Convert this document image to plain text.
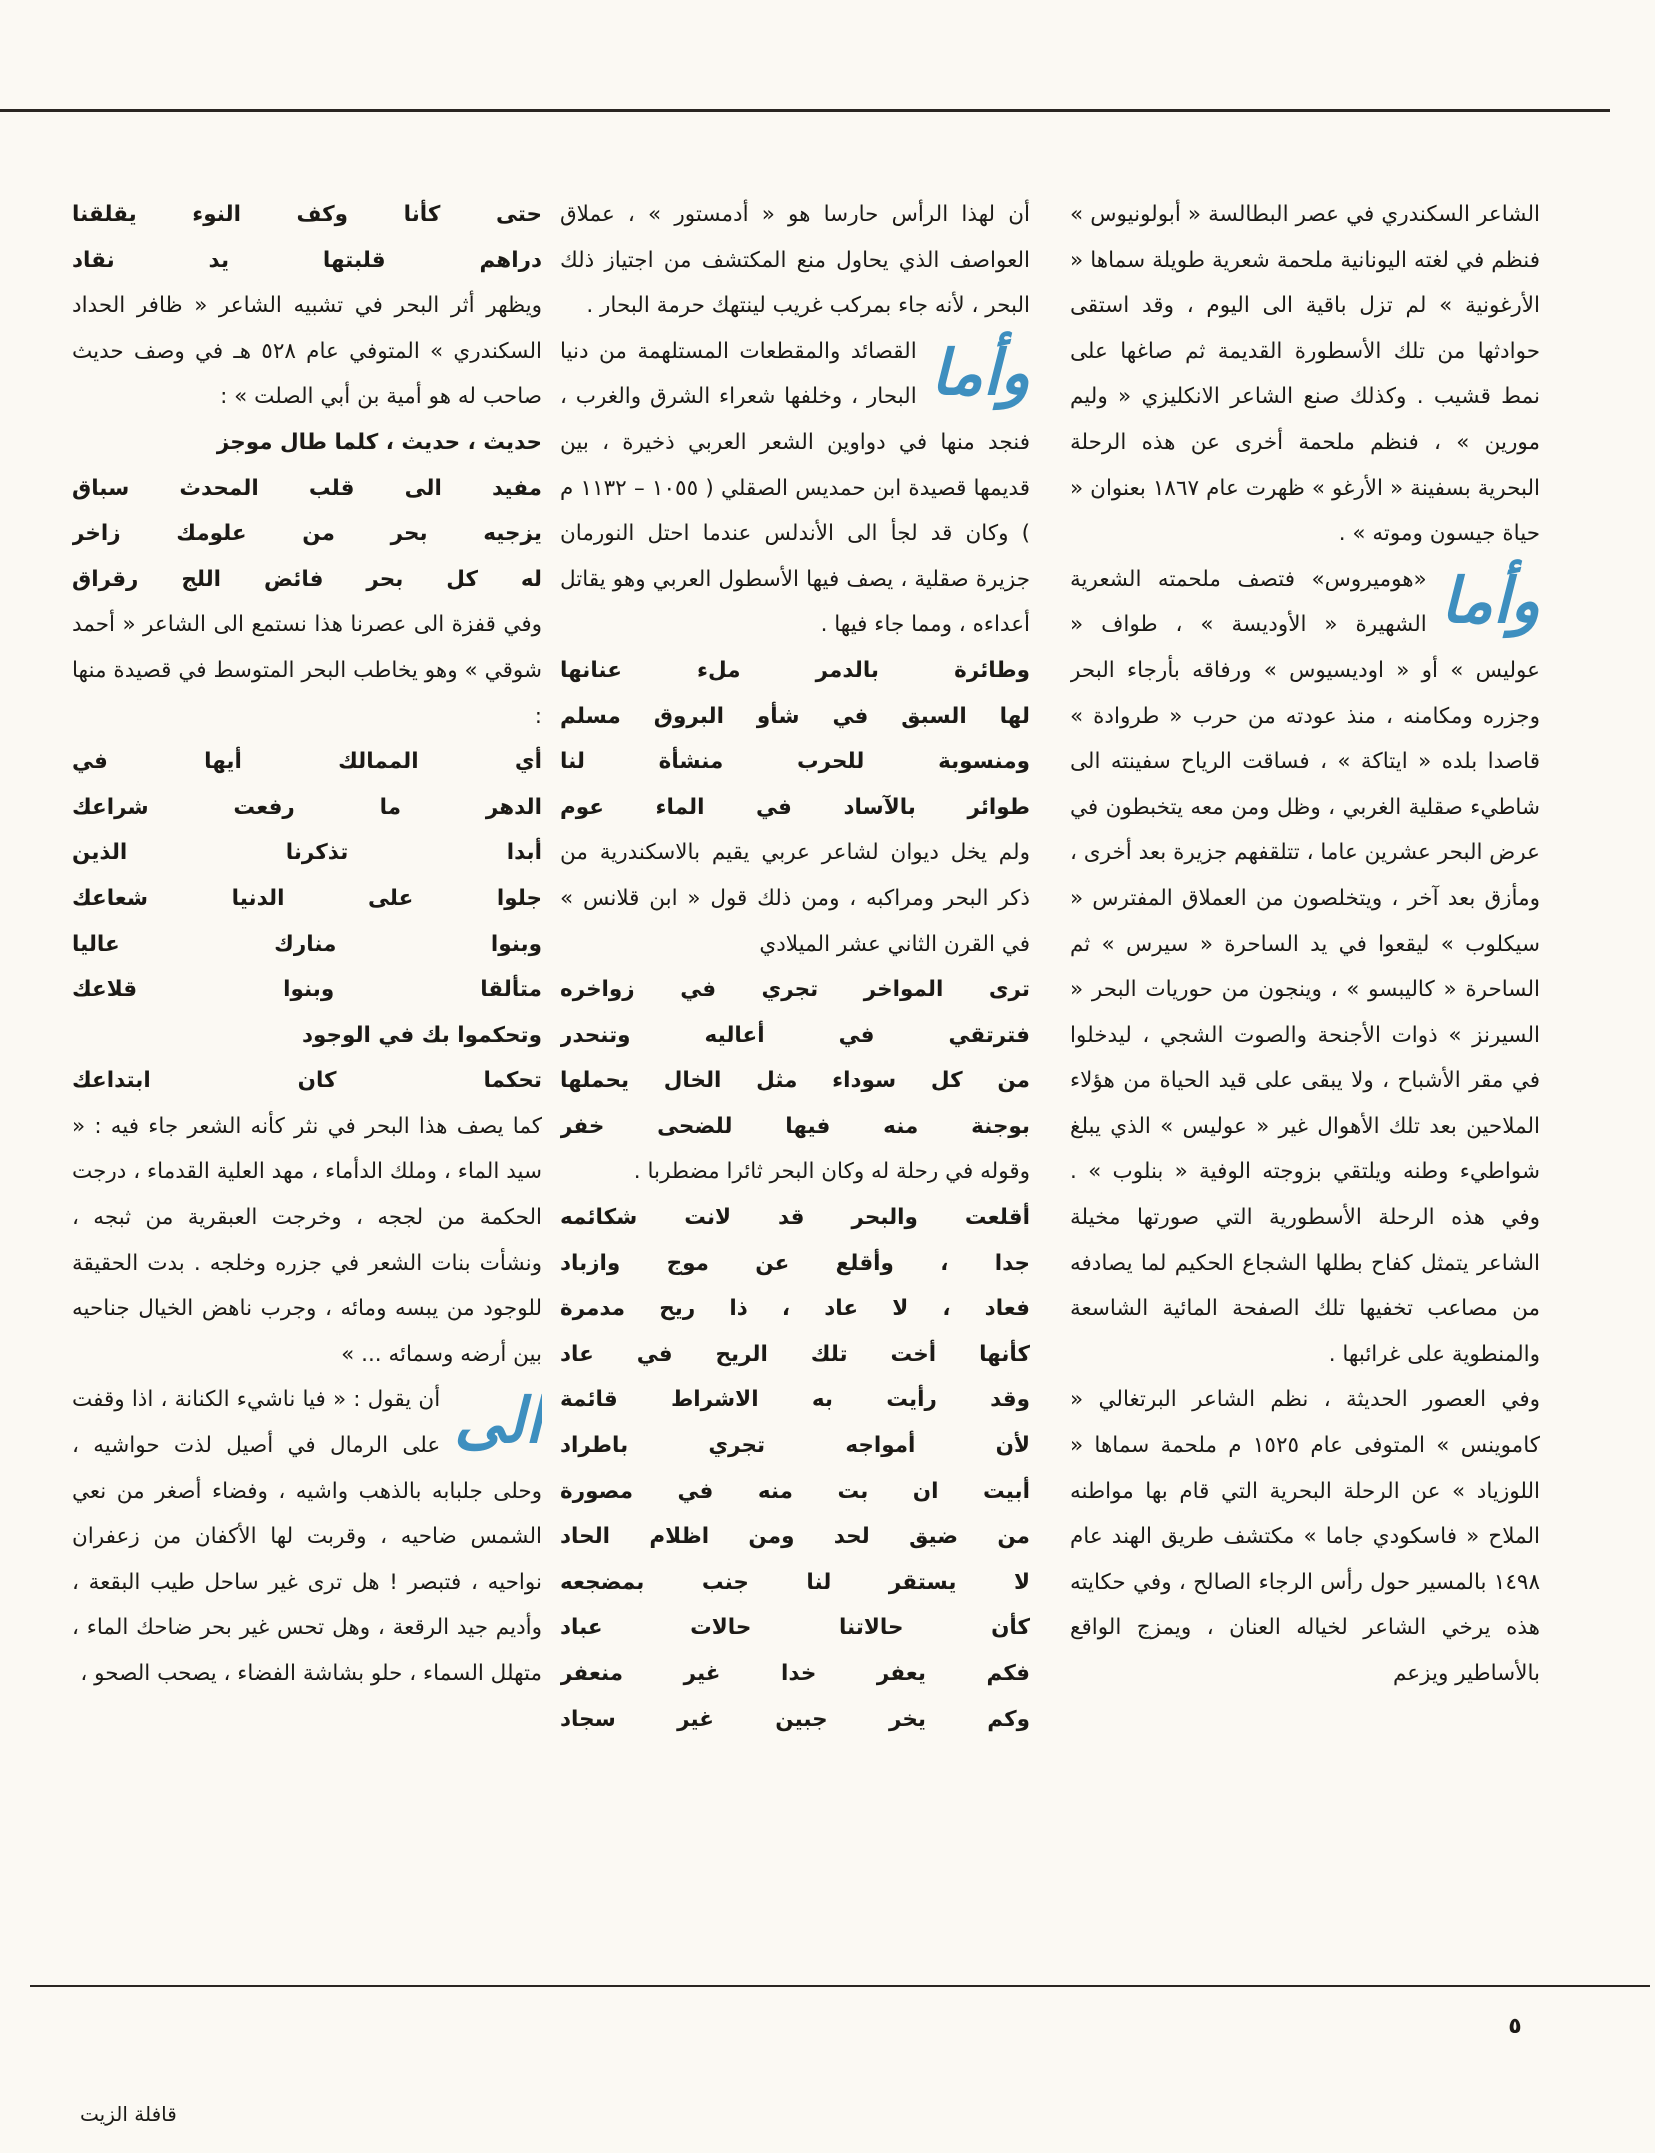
الشاعر السكندري في عصر البطالسة « أبولونيوس » فنظم في لغته اليونانية ملحمة شعرية طويلة سماها « الأرغونية » لم تزل باقية الى اليوم ، وقد استقى حوادثها من تلك الأسطورة القديمة ثم صاغها على نمط قشيب . وكذلك صنع الشاعر الانكليزي « وليم مورين » ، فنظم ملحمة أخرى عن هذه الرحلة البحرية بسفينة « الأرغو » ظهرت عام ١٨٦٧ بعنوان « حياة جيسون وموته » .

وأما
«هوميروس» فتصف ملحمته الشعرية الشهيرة « الأوديسة » ، طواف « عوليس » أو « اوديسيوس » ورفاقه بأرجاء البحر وجزره ومكامنه ، منذ عودته من حرب « طروادة » قاصدا بلده « ايتاكة » ، فساقت الرياح سفينته الى شاطيء صقلية الغربي ، وظل ومن معه يتخبطون في عرض البحر عشرين عاما ، تتلقفهم جزيرة بعد أخرى ، ومأزق بعد آخر ، ويتخلصون من العملاق المفترس « سيكلوب » ليقعوا في يد الساحرة « سيرس » ثم الساحرة « كاليبسو » ، وينجون من حوريات البحر « السيرنز » ذوات الأجنحة والصوت الشجي ، ليدخلوا في مقر الأشباح ، ولا يبقى على قيد الحياة من هؤلاء الملاحين بعد تلك الأهوال غير « عوليس » الذي يبلغ شواطيء وطنه ويلتقي بزوجته الوفية « بنلوب » . وفي هذه الرحلة الأسطورية التي صورتها مخيلة الشاعر يتمثل كفاح بطلها الشجاع الحكيم لما يصادفه من مصاعب تخفيها تلك الصفحة المائية الشاسعة والمنطوية على غرائبها .

وفي العصور الحديثة ، نظم الشاعر البرتغالي « كاموينس » المتوفى عام ١٥٢٥ م ملحمة سماها « اللوزياد » عن الرحلة البحرية التي قام بها مواطنه الملاح « فاسكودي جاما » مكتشف طريق الهند عام ١٤٩٨ بالمسير حول رأس الرجاء الصالح ، وفي حكايته هذه يرخي الشاعر لخياله العنان ، ويمزج الواقع بالأساطير ويزعم

أن لهذا الرأس حارسا هو « أدمستور » ، عملاق العواصف الذي يحاول منع المكتشف من اجتياز ذلك البحر ، لأنه جاء بمركب غريب لينتهك حرمة البحار .

وأما
القصائد والمقطعات المستلهمة من دنيا البحار ، وخلفها شعراء الشرق والغرب ، فنجد منها في دواوين الشعر العربي ذخيرة ، بين قديمها قصيدة ابن حمديس الصقلي ( ١٠٥٥ – ١١٣٢ م ) وكان قد لجأ الى الأندلس عندما احتل النورمان جزيرة صقلية ، يصف فيها الأسطول العربي وهو يقاتل أعداءه ، ومما جاء فيها .

وطائرة بالدمر ملء عنانها

لها السبق في شأو البروق مسلم

ومنسوبة للحرب منشأة لنا

طوائر بالآساد في الماء عوم

ولم يخل ديوان لشاعر عربي يقيم بالاسكندرية من ذكر البحر ومراكبه ، ومن ذلك قول « ابن قلانس » في القرن الثاني عشر الميلادي

ترى المواخر تجري في زواخره

فترتقي في أعاليه وتنحدر

من كل سوداء مثل الخال يحملها

بوجنة منه فيها للضحى خفر

وقوله في رحلة له وكان البحر ثائرا مضطربا .

أقلعت والبحر قد لانت شكائمه

جدا ، وأقلع عن موج وازباد

فعاد ، لا عاد ، ذا ريح مدمرة

كأنها أخت تلك الريح في عاد

وقد رأيت به الاشراط قائمة

لأن أمواجه تجري باطراد

أبيت ان بت منه في مصورة

من ضيق لحد ومن اظلام الحاد

لا يستقر لنا جنب بمضجعه

كأن حالاتنا حالات عباد

فكم يعفر خدا غير منعفر

وكم يخر جبين غير سجاد

حتى كأنا وكف النوء يقلقنا

دراهم قلبتها يد نقاد

ويظهر أثر البحر في تشبيه الشاعر « ظافر الحداد السكندري » المتوفي عام ٥٢٨ هـ في وصف حديث صاحب له هو أمية بن أبي الصلت » :

حديث ، حديث ، كلما طال موجز

مفيد الى قلب المحدث سباق

يزجيه بحر من علومك زاخر

له كل بحر فائض اللج رقراق

وفي قفزة الى عصرنا هذا نستمع الى الشاعر « أحمد شوقي » وهو يخاطب البحر المتوسط في قصيدة منها :

أي الممالك أيها في

الدهر ما رفعت شراعك

أبدا تذكرنا الذين

جلوا على الدنيا شعاعك

وبنوا منارك عاليا

متألقا وبنوا قلاعك

وتحكموا بك في الوجود

تحكما كان ابتداعك

كما يصف هذا البحر في نثر كأنه الشعر جاء فيه : « سيد الماء ، وملك الدأماء ، مهد العلية القدماء ، درجت الحكمة من لججه ، وخرجت العبقرية من ثبجه ، ونشأت بنات الشعر في جزره وخلجه . بدت الحقيقة للوجود من يبسه ومائه ، وجرب ناهض الخيال جناحيه بين أرضه وسمائه ... »

الى
أن يقول : « فيا ناشيء الكنانة ، اذا وقفت على الرمال في أصيل لذت حواشيه ، وحلى جلبابه بالذهب واشيه ، وفضاء أصغر من نعي الشمس ضاحيه ، وقربت لها الأكفان من زعفران نواحيه ، فتبصر ! هل ترى غير ساحل طيب البقعة ، وأديم جيد الرقعة ، وهل تحس غير بحر ضاحك الماء ، متهلل السماء ، حلو بشاشة الفضاء ، يصحب الصحو ،

٥
قافلة الزيت
